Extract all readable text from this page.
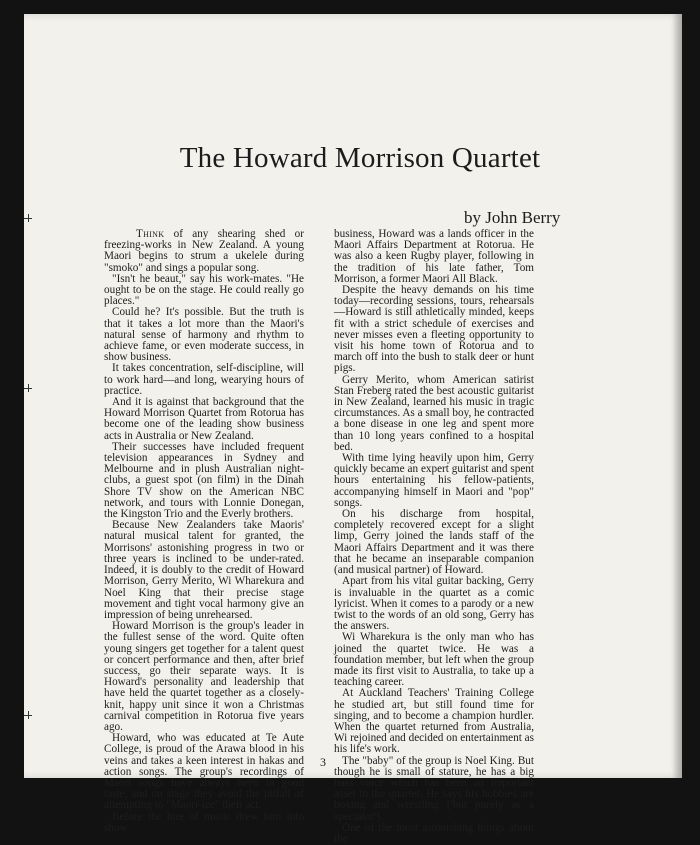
The Howard Morrison Quartet
by John Berry

Think of any shearing shed or freezing-works in New Zealand. A young Maori begins to strum a ukelele during "smoko" and sings a popular song.

"Isn't he beaut," say his work-mates. "He ought to be on the stage. He could really go places."

Could he? It's possible. But the truth is that it takes a lot more than the Maori's natural sense of harmony and rhythm to achieve fame, or even moderate success, in show business.

It takes concentration, self-discipline, will to work hard—and long, wearying hours of practice.

And it is against that background that the Howard Morrison Quartet from Rotorua has become one of the leading show business acts in Australia or New Zealand.

Their successes have included frequent television appearances in Sydney and Melbourne and in plush Australian night-clubs, a guest spot (on film) in the Dinah Shore TV show on the American NBC network, and tours with Lonnie Donegan, the Kingston Trio and the Everly brothers.

Because New Zealanders take Maoris' natural musical talent for granted, the Morrisons' astonishing progress in two or three years is inclined to be under-rated. Indeed, it is doubly to the credit of Howard Morrison, Gerry Merito, Wi Wharekura and Noel King that their precise stage movement and tight vocal harmony give an impression of being unrehearsed.

Howard Morrison is the group's leader in the fullest sense of the word. Quite often young singers get together for a talent quest or concert performance and then, after brief success, go their separate ways. It is Howard's personality and leadership that have held the quartet together as a closely-knit, happy unit since it won a Christmas carnival competition in Rotorua five years ago.

Howard, who was educated at Te Aute College, is proud of the Arawa blood in his veins and takes a keen interest in hakas and action songs. The group's recordings of Maori songs have always been in good taste, and on stage they avoid the pitfall of attempting to "Maori-ize" their act.

Before the lure of music drew him into show

business, Howard was a lands officer in the Maori Affairs Department at Rotorua. He was also a keen Rugby player, following in the tradition of his late father, Tom Morrison, a former Maori All Black.

Despite the heavy demands on his time today—recording sessions, tours, rehearsals—Howard is still athletically minded, keeps fit with a strict schedule of exercises and never misses even a fleeting opportunity to visit his home town of Rotorua and to march off into the bush to stalk deer or hunt pigs.

Gerry Merito, whom American satirist Stan Freberg rated the best acoustic guitarist in New Zealand, learned his music in tragic circumstances. As a small boy, he contracted a bone disease in one leg and spent more than 10 long years confined to a hospital bed.

With time lying heavily upon him, Gerry quickly became an expert guitarist and spent hours entertaining his fellow-patients, accompanying himself in Maori and "pop" songs.

On his discharge from hospital, completely recovered except for a slight limp, Gerry joined the lands staff of the Maori Affairs Department and it was there that he became an inseparable companion (and musical partner) of Howard.

Apart from his vital guitar backing, Gerry is invaluable in the quartet as a comic lyricist. When it comes to a parody or a new twist to the words of an old song, Gerry has the answers.

Wi Wharekura is the only man who has joined the quartet twice. He was a foundation member, but left when the group made its first visit to Australia, to take up a teaching career.

At Auckland Teachers' Training College he studied art, but still found time for singing, and to become a champion hurdler. When the quartet returned from Australia, Wi rejoined and decided on entertainment as his life's work.

The "baby" of the group is Noel King. But though he is small of stature, he has a big bass voice which has been an important asset to the quartet. He says his hobbies are boxing and wrestling ('but purely as a spectator').

One of the most astonishing things about the

3
